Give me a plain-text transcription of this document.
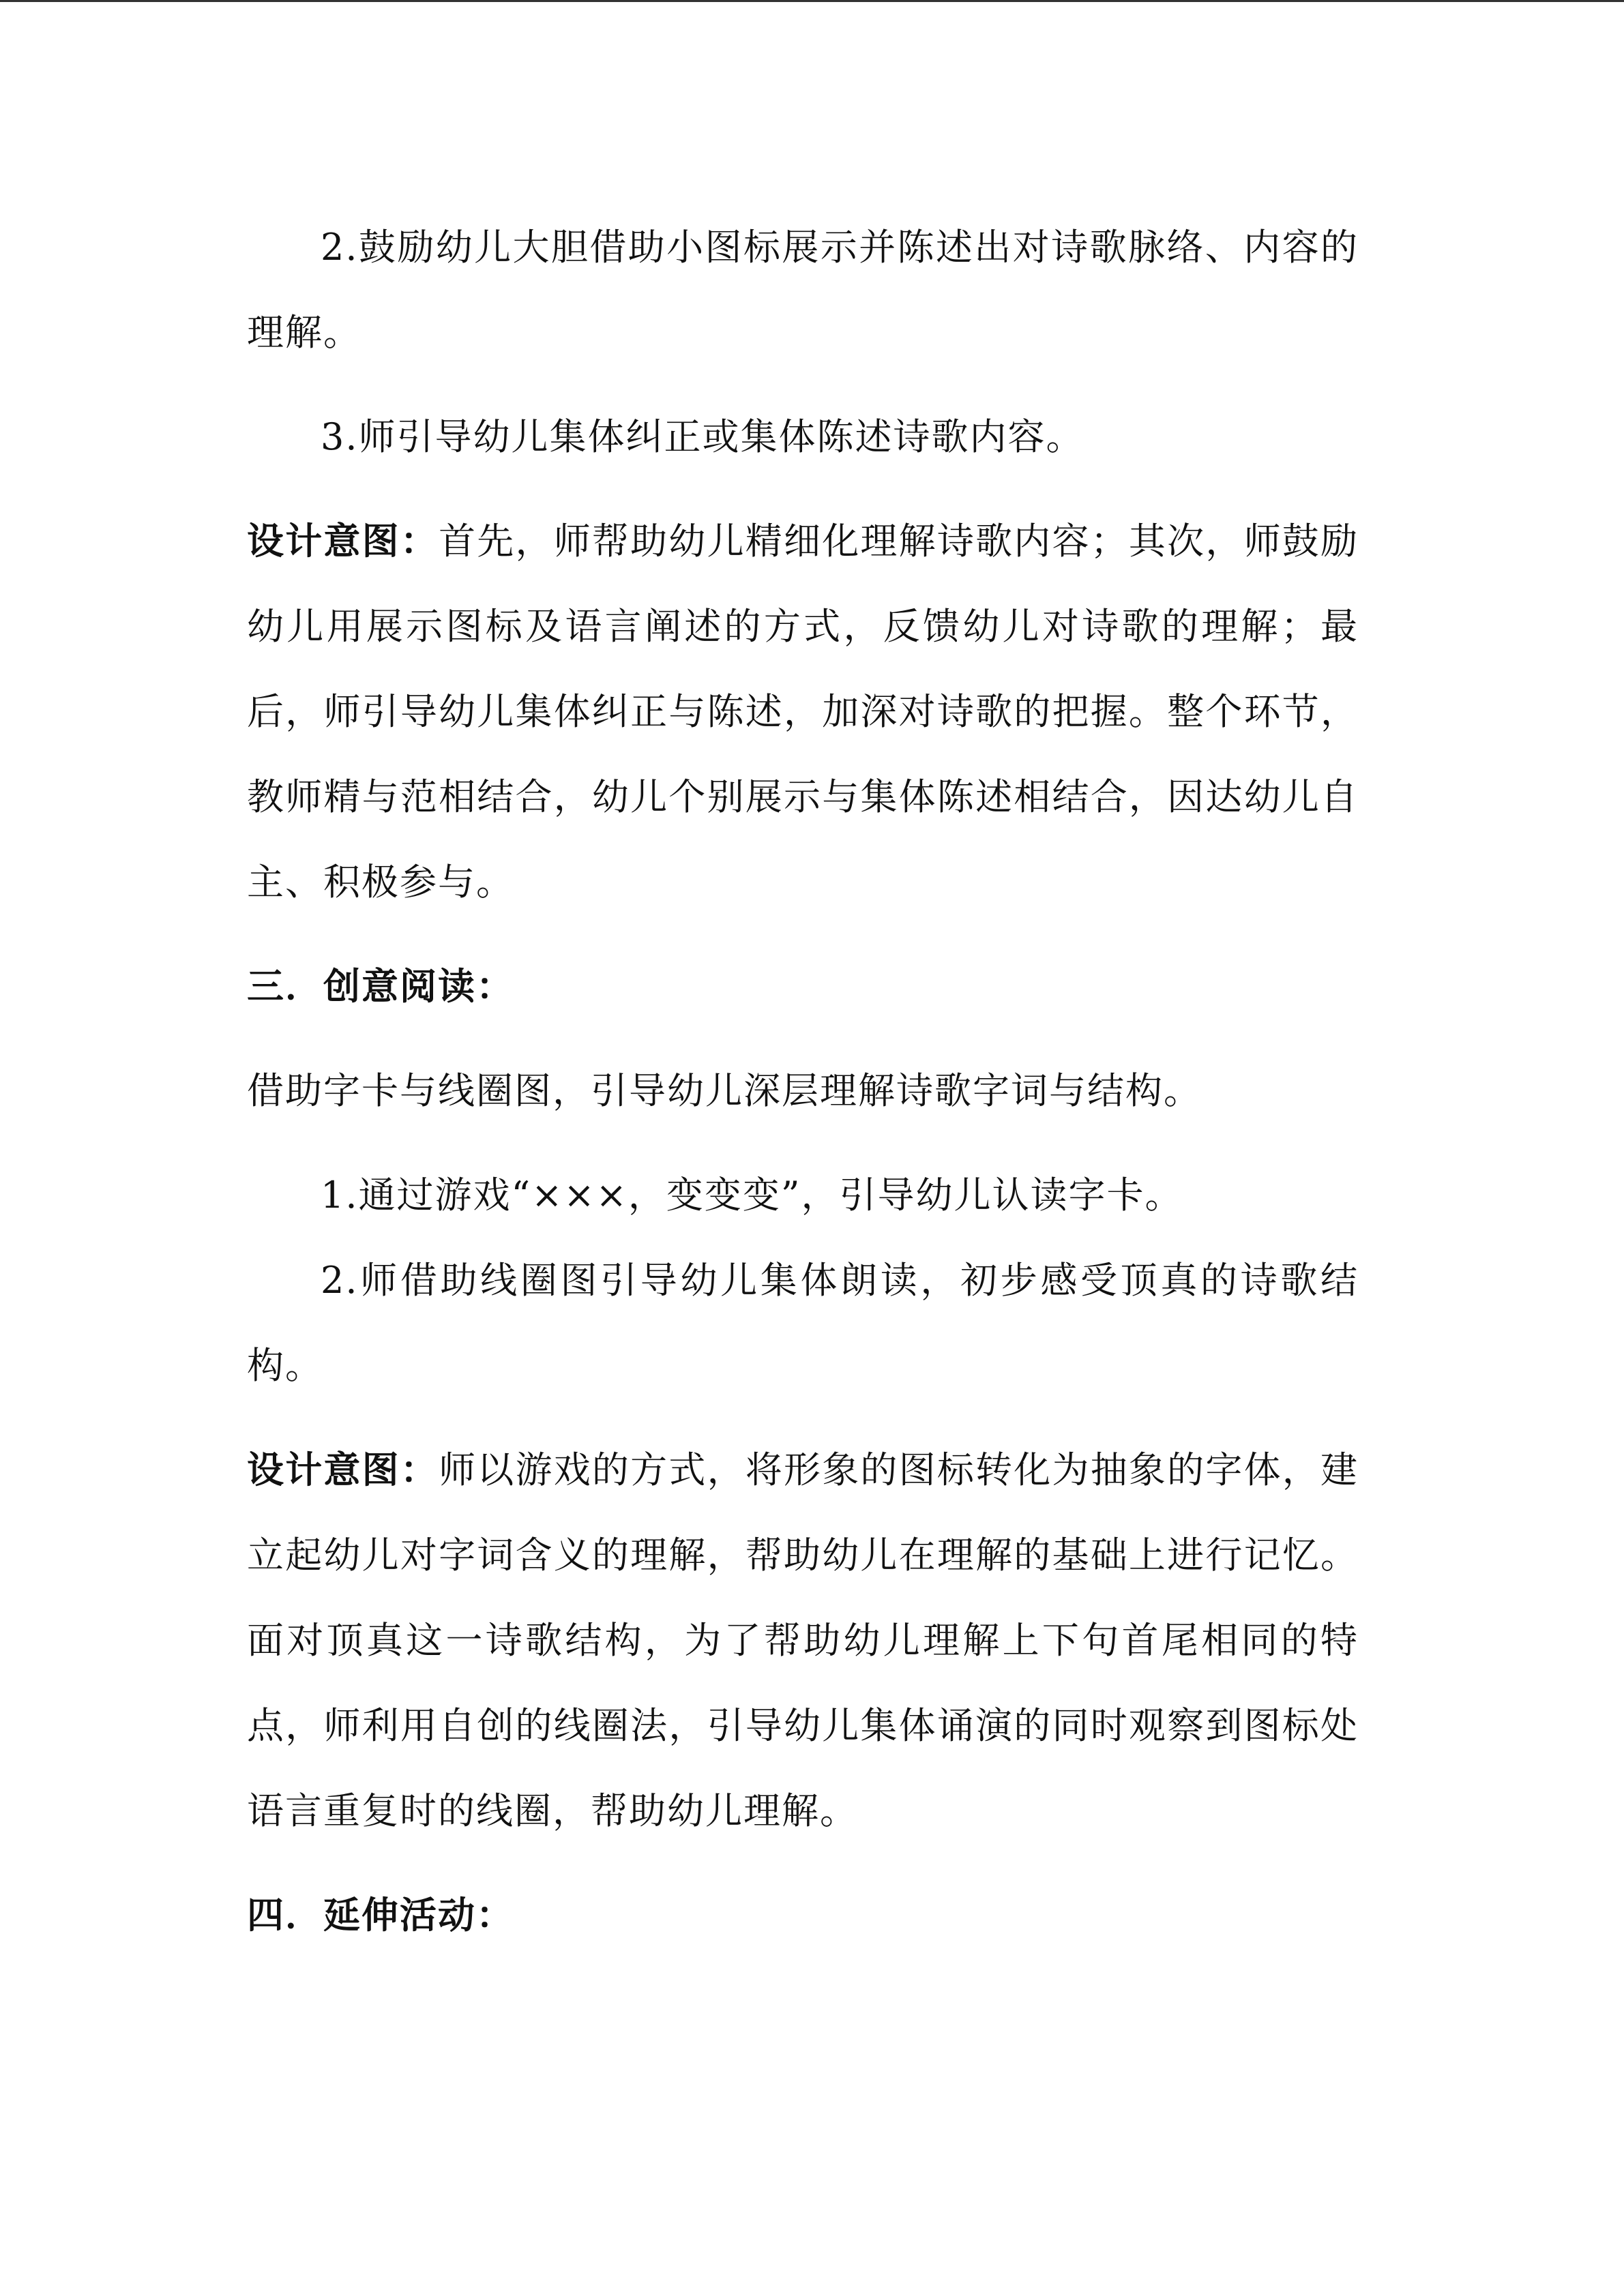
2.鼓励幼儿大胆借助小图标展示并陈述出对诗歌脉络、内容的理解。

3.师引导幼儿集体纠正或集体陈述诗歌内容。

设计意图：首先，师帮助幼儿精细化理解诗歌内容；其次，师鼓励幼儿用展示图标及语言阐述的方式，反馈幼儿对诗歌的理解；最后，师引导幼儿集体纠正与陈述，加深对诗歌的把握。整个环节，教师精与范相结合，幼儿个别展示与集体陈述相结合，因达幼儿自主、积极参与。

三．创意阅读：

借助字卡与线圈图，引导幼儿深层理解诗歌字词与结构。

1.通过游戏“×××，变变变”，引导幼儿认读字卡。

2.师借助线圈图引导幼儿集体朗读，初步感受顶真的诗歌结构。

设计意图：师以游戏的方式，将形象的图标转化为抽象的字体，建立起幼儿对字词含义的理解，帮助幼儿在理解的基础上进行记忆。面对顶真这一诗歌结构，为了帮助幼儿理解上下句首尾相同的特点，师利用自创的线圈法，引导幼儿集体诵演的同时观察到图标处语言重复时的线圈，帮助幼儿理解。

四．延伸活动：
